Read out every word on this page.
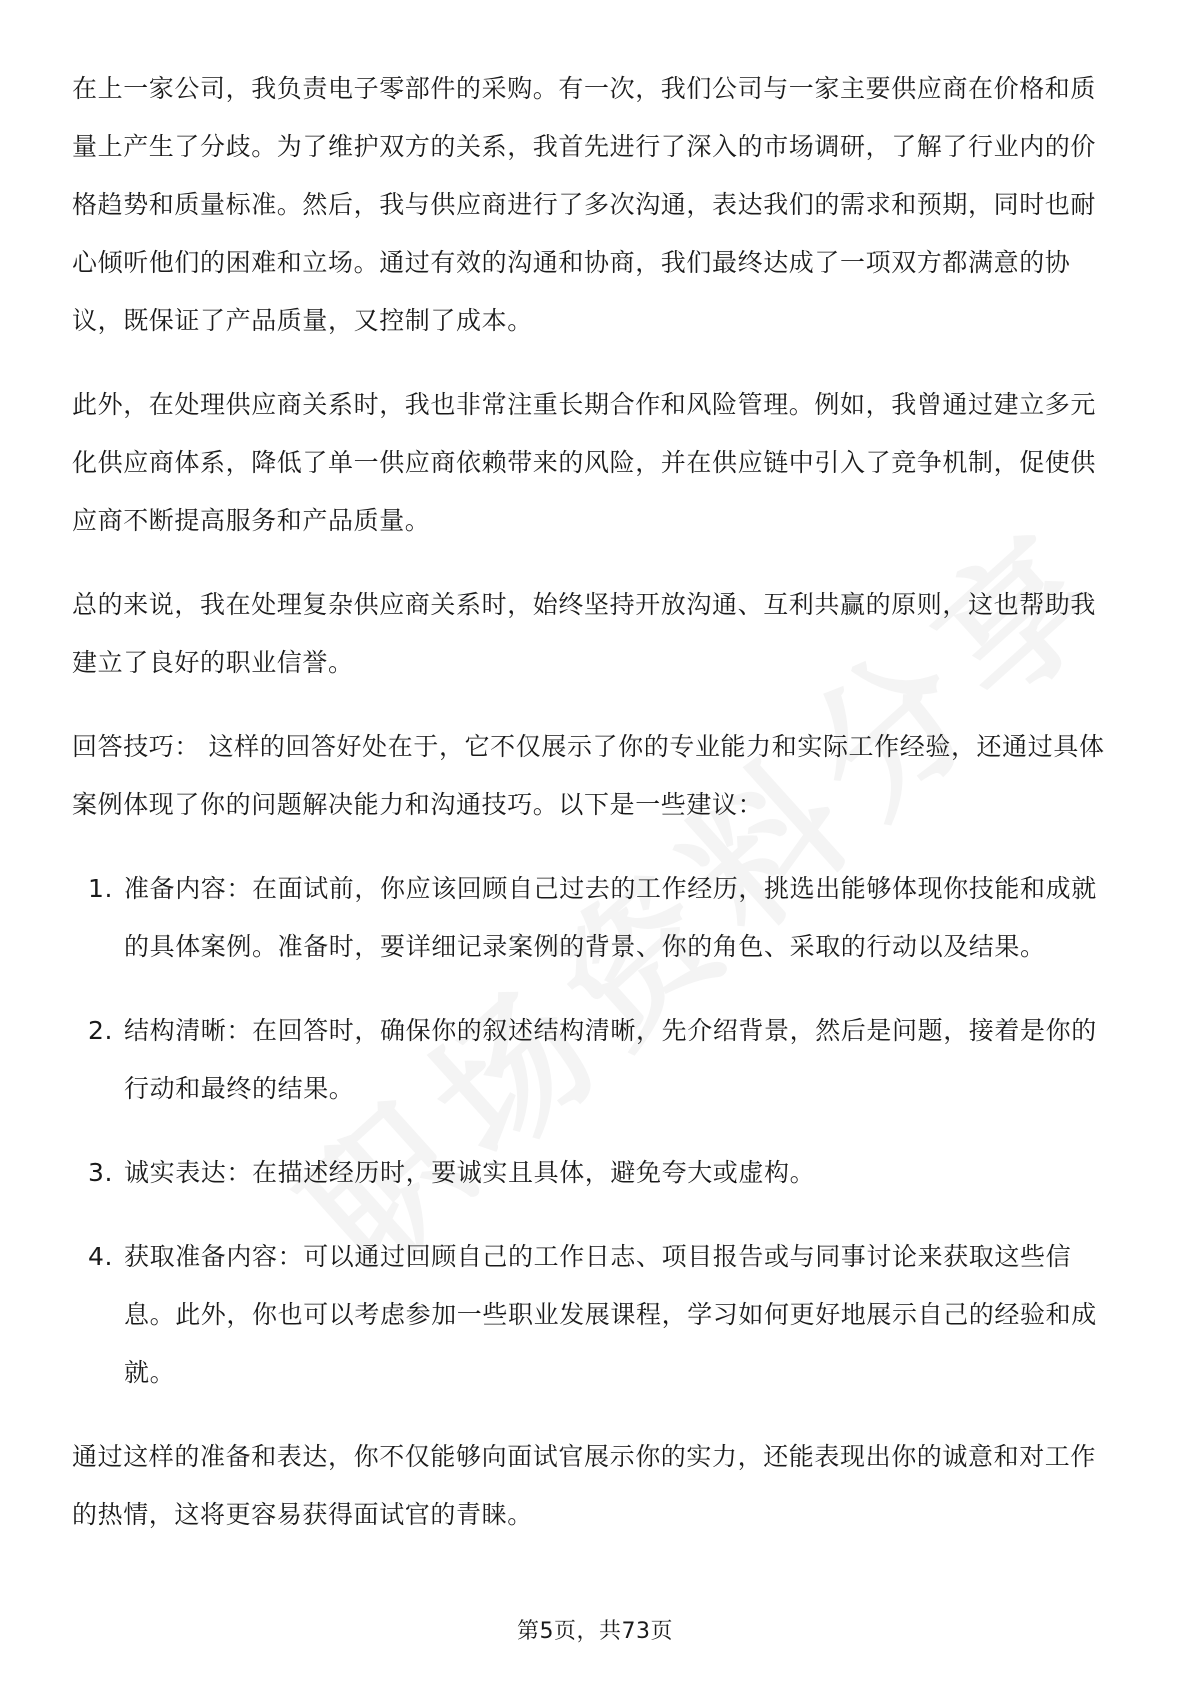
在上一家公司，我负责电子零部件的采购。有一次，我们公司与一家主要供应商在价格和质量上产生了分歧。为了维护双方的关系，我首先进行了深入的市场调研，了解了行业内的价格趋势和质量标准。然后，我与供应商进行了多次沟通，表达我们的需求和预期，同时也耐心倾听他们的困难和立场。通过有效的沟通和协商，我们最终达成了一项双方都满意的协议，既保证了产品质量，又控制了成本。

此外，在处理供应商关系时，我也非常注重长期合作和风险管理。例如，我曾通过建立多元化供应商体系，降低了单一供应商依赖带来的风险，并在供应链中引入了竞争机制，促使供应商不断提高服务和产品质量。

总的来说，我在处理复杂供应商关系时，始终坚持开放沟通、互利共赢的原则，这也帮助我建立了良好的职业信誉。

回答技巧： 这样的回答好处在于，它不仅展示了你的专业能力和实际工作经验，还通过具体案例体现了你的问题解决能力和沟通技巧。以下是一些建议：

1. 准备内容：在面试前，你应该回顾自己过去的工作经历，挑选出能够体现你技能和成就的具体案例。准备时，要详细记录案例的背景、你的角色、采取的行动以及结果。
2. 结构清晰：在回答时，确保你的叙述结构清晰，先介绍背景，然后是问题，接着是你的行动和最终的结果。
3. 诚实表达：在描述经历时，要诚实且具体，避免夸大或虚构。
4. 获取准备内容：可以通过回顾自己的工作日志、项目报告或与同事讨论来获取这些信息。此外，你也可以考虑参加一些职业发展课程，学习如何更好地展示自己的经验和成就。

通过这样的准备和表达，你不仅能够向面试官展示你的实力，还能表现出你的诚意和对工作的热情，这将更容易获得面试官的青睐。

第5页，共73页
